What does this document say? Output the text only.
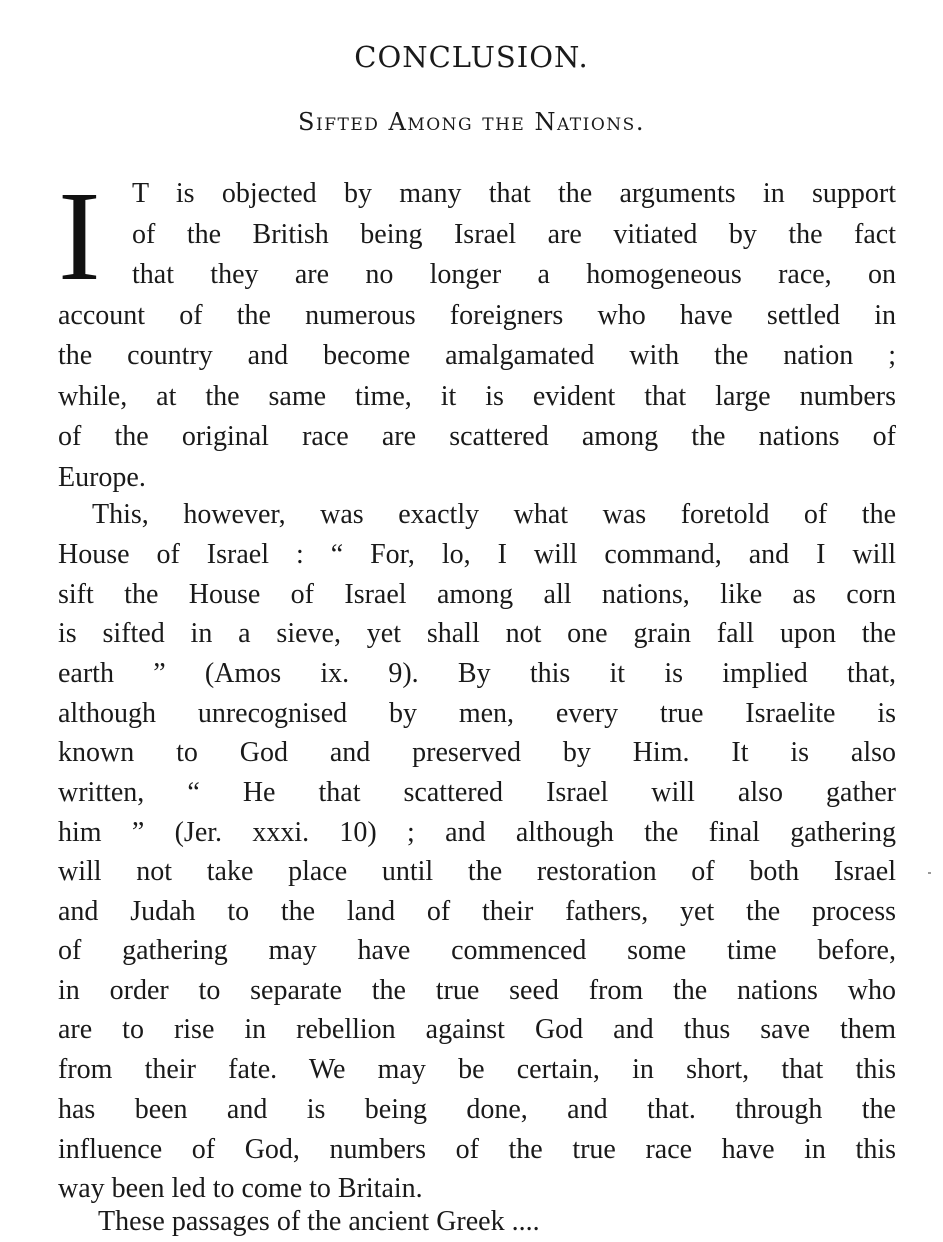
CONCLUSION.
Sifted Among the Nations.
I T is objected by many that the arguments in support
of the British being Israel are vitiated by the fact
that they are no longer a homogeneous race, on
account of the numerous foreigners who have settled in
the country and become amalgamated with the nation ;
while, at the same time, it is evident that large numbers
of the original race are scattered among the nations of
Europe.
This, however, was exactly what was foretold of the
House of Israel : “ For, lo, I will command, and I will
sift the House of Israel among all nations, like as corn
is sifted in a sieve, yet shall not one grain fall upon the
earth ” (Amos ix. 9). By this it is implied that,
although unrecognised by men, every true Israelite is
known to God and preserved by Him. It is also
written, “ He that scattered Israel will also gather
him ” (Jer. xxxi. 10) ; and although the final gathering
will not take place until the restoration of both Israel
and Judah to the land of their fathers, yet the process
of gathering may have commenced some time before,
in order to separate the true seed from the nations who
are to rise in rebellion against God and thus save them
from their fate. We may be certain, in short, that this
has been and is being done, and that. through the
influence of God, numbers of the true race have in this
way been led to come to Britain.
These passages of the ancient Greek ....
